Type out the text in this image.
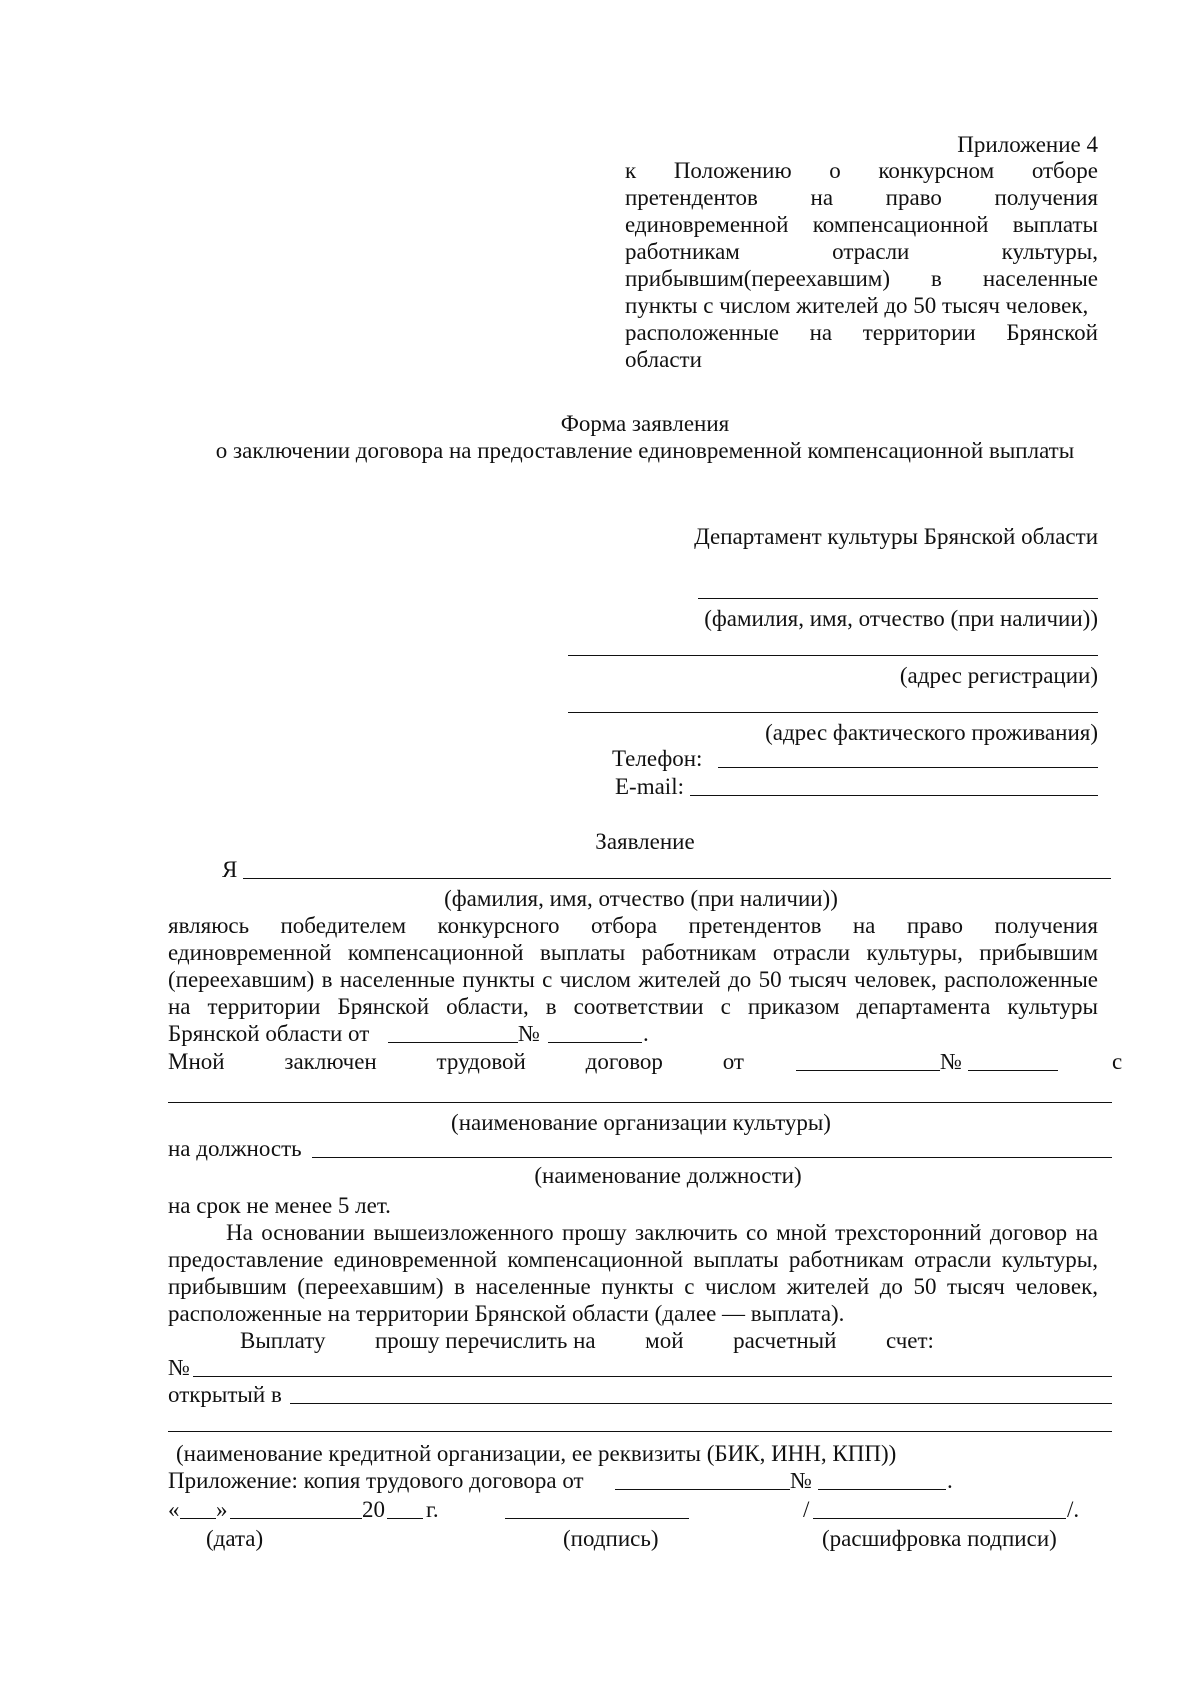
Приложение 4
к Положению о конкурсном отборе
претендентов на право получения
единовременной компенсационной выплаты
работникам	отрасли	культуры,
прибывшим(переехавшим) в населенные
пункты с числом жителей до 50 тысяч человек,
расположенные на территории Брянской
области
Форма заявления
о заключении договора на предоставление единовременной компенсационной выплаты
Департамент культуры Брянской области
(фамилия, имя, отчество (при наличии))
(адрес регистрации)
(адрес фактического проживания)
Телефон:
E-mail:
Заявление
Я
(фамилия, имя, отчество (при наличии))
являюсь победителем конкурсного отбора претендентов на право получения
единовременной компенсационной выплаты работникам отрасли культуры, прибывшим
(переехавшим) в населенные пункты с числом жителей до 50 тысяч человек, расположенные
на территории Брянской области, в соответствии с приказом департамента культуры
Брянской области от	№	.
Мной	заключен	трудовой	договор	от	№	с
(наименование организации культуры)
на должность
(наименование должности)
на срок не менее 5 лет.
На основании вышеизложенного прошу заключить со мной трехсторонний договор на
предоставление единовременной компенсационной выплаты работникам отрасли культуры,
прибывшим (переехавшим) в населенные пункты с числом жителей до 50 тысяч человек,
расположенные на территории Брянской области (далее — выплата).
Выплату прошу перечислить на мой расчетный счет:
№
открытый в
(наименование кредитной организации, ее реквизиты (БИК, ИНН, КПП))
Приложение: копия трудового договора от	№	.
« »	20 г.	/	/.
(дата)	(подпись)	(расшифровка подписи)
